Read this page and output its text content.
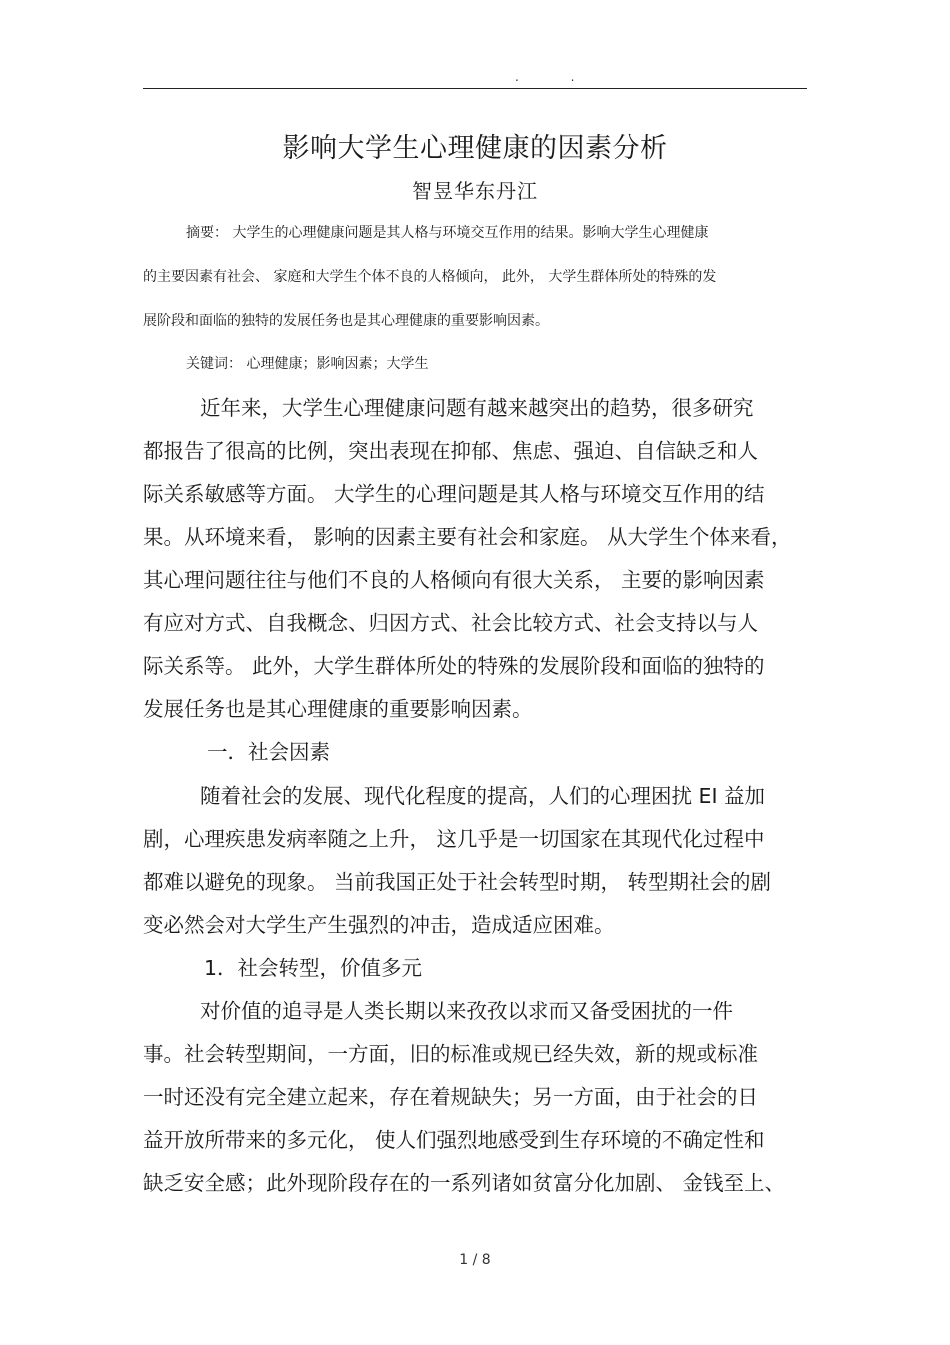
. .
影响大学生心理健康的因素分析
智昱华东丹江
摘要： 大学生的心理健康问题是其人格与环境交互作用的结果。影响大学生心理健康
的主要因素有社会、 家庭和大学生个体不良的人格倾向， 此外， 大学生群体所处的特殊的发
展阶段和面临的独特的发展任务也是其心理健康的重要影响因素。
关键词： 心理健康；影响因素；大学生
近年来，大学生心理健康问题有越来越突出的趋势，很多研究
都报告了很高的比例，突出表现在抑郁、焦虑、强迫、自信缺乏和人
际关系敏感等方面。 大学生的心理问题是其人格与环境交互作用的结
果。从环境来看， 影响的因素主要有社会和家庭。 从大学生个体来看，
其心理问题往往与他们不良的人格倾向有很大关系， 主要的影响因素
有应对方式、自我概念、归因方式、社会比较方式、社会支持以与人
际关系等。 此外，大学生群体所处的特殊的发展阶段和面临的独特的
发展任务也是其心理健康的重要影响因素。
一．社会因素
随着社会的发展、现代化程度的提高，人们的心理困扰 EI 益加
剧，心理疾患发病率随之上升， 这几乎是一切国家在其现代化过程中
都难以避免的现象。 当前我国正处于社会转型时期， 转型期社会的剧
变必然会对大学生产生强烈的冲击，造成适应困难。
1．社会转型，价值多元
对价值的追寻是人类长期以来孜孜以求而又备受困扰的一件
事。社会转型期间，一方面，旧的标准或规已经失效，新的规或标准
一时还没有完全建立起来，存在着规缺失；另一方面，由于社会的日
益开放所带来的多元化， 使人们强烈地感受到生存环境的不确定性和
缺乏安全感；此外现阶段存在的一系列诸如贫富分化加剧、 金钱至上、
1 / 8
